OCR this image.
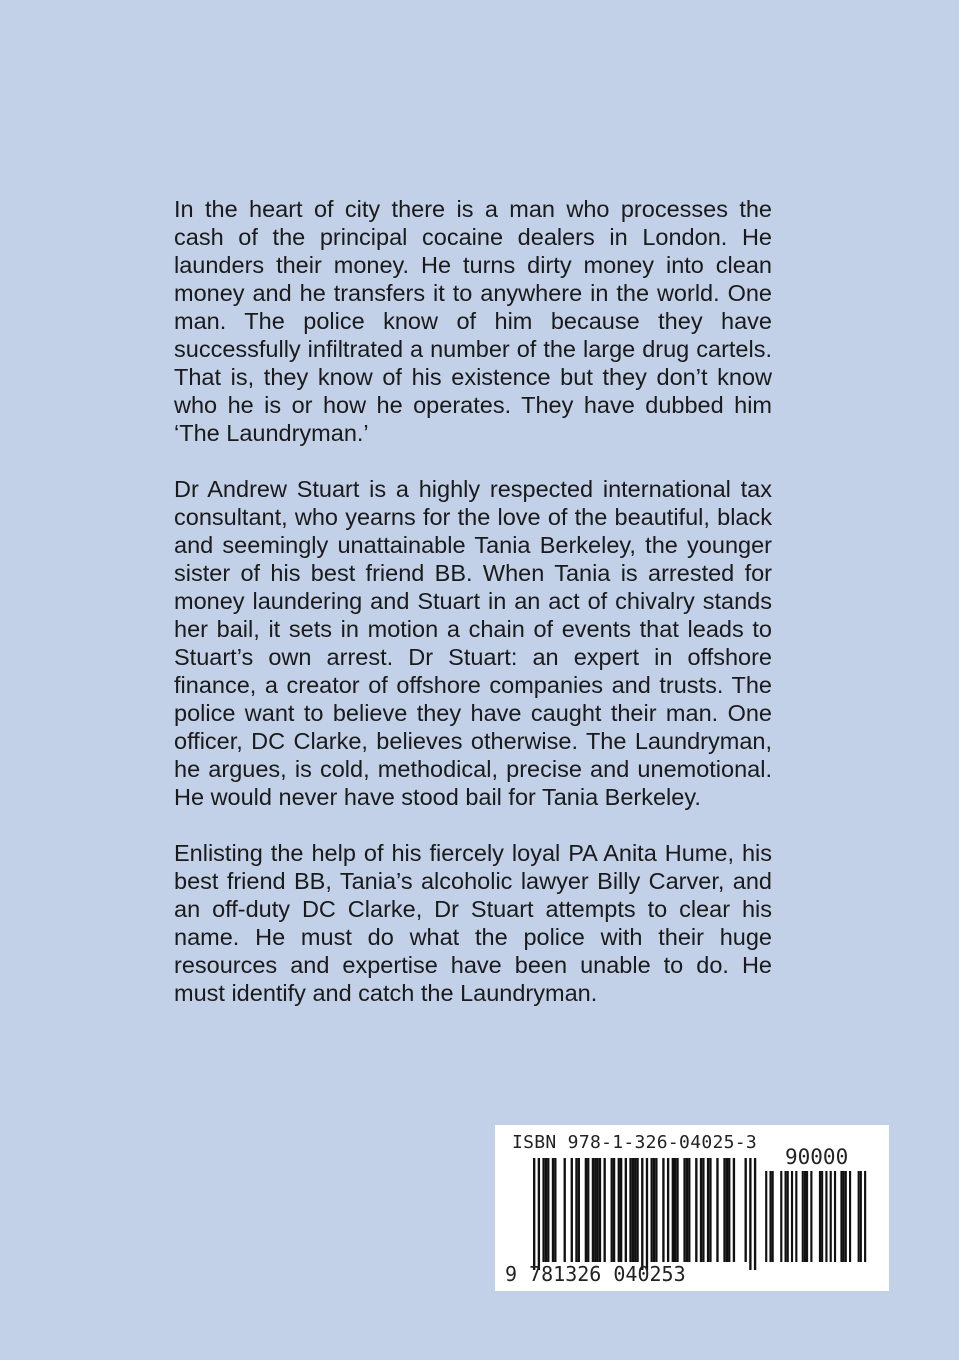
In the heart of city there is a man who processes the cash of the principal cocaine dealers in London. He launders their money. He turns dirty money into clean money and he transfers it to anywhere in the world. One man. The police know of him because they have successfully infiltrated a number of the large drug cartels. That is, they know of his existence but they don’t know who he is or how he operates. They have dubbed him ‘The Laundryman.’

Dr Andrew Stuart is a highly respected international tax consultant, who yearns for the love of the beautiful, black and seemingly unattainable Tania Berkeley, the younger sister of his best friend BB. When Tania is arrested for money laundering and Stuart in an act of chivalry stands her bail, it sets in motion a chain of events that leads to Stuart’s own arrest. Dr Stuart: an expert in offshore finance, a creator of offshore companies and trusts. The police want to believe they have caught their man. One officer, DC Clarke, believes otherwise. The Laundryman, he argues, is cold, methodical, precise and unemotional. He would never have stood bail for Tania Berkeley.

Enlisting the help of his fiercely loyal PA Anita Hume, his best friend BB, Tania’s alcoholic lawyer Billy Carver, and an off-duty DC Clarke, Dr Stuart attempts to clear his name. He must do what the police with their huge resources and expertise have been unable to do. He must identify and catch the Laundryman.

ISBN 978-1-326-04025-3
90000
9 781326 040253
